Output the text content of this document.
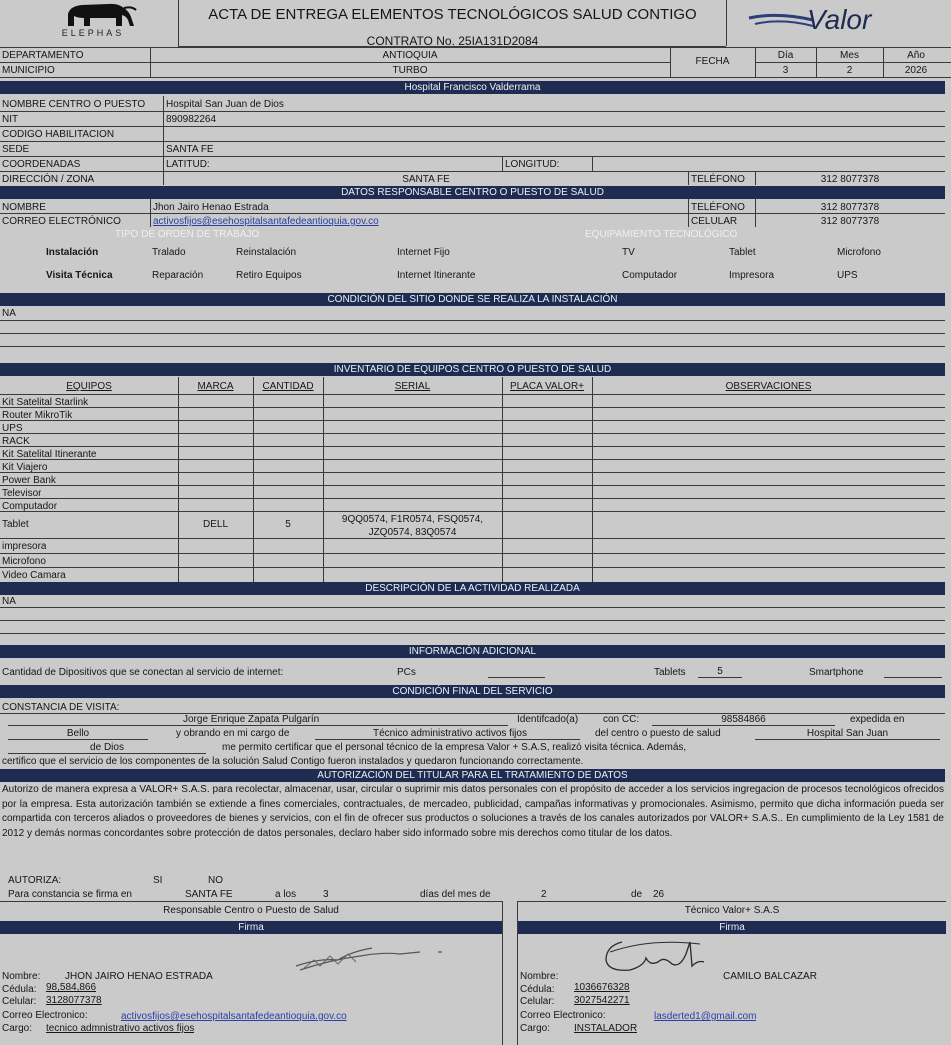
ELEPHAS
ACTA DE ENTREGA ELEMENTOS TECNOLÓGICOS SALUD CONTIGO
CONTRATO No. 25IA131D2084
Valor
DEPARTAMENTO	ANTIOQUIA
MUNICIPIO	TURBO
FECHA
Día	Mes	Año
3	2	2026
Hospital Francisco Valderrama
NOMBRE CENTRO O PUESTO Hospital San Juan de Dios
NIT	890982264
CODIGO HABILITACION
SEDE	SANTA FE
COORDENADAS	LATITUD:	LONGITUD:
DIRECCIÓN / ZONA	SANTA FE	TELÉFONO	312 8077378
DATOS RESPONSABLE CENTRO O PUESTO DE SALUD
NOMBRE	Jhon Jairo Henao Estrada	TELÉFONO	312 8077378
CORREO ELECTRÓNICO	activosfijos@esehospitalsantafedeantioquia.gov.co	CELULAR	312 8077378
TIPO DE ORDEN DE TRABAJO	EQUIPAMIENTO TECNOLÓGICO
Instalación	Tralado	Reinstalación	Internet Fijo	TV	Tablet	Microfono
Visita Técnica	Reparación	Retiro Equipos	Internet Itinerante	Computador	Impresora	UPS
CONDICIÓN DEL SITIO DONDE SE REALIZA LA INSTALACIÓN
NA
INVENTARIO DE EQUIPOS CENTRO O PUESTO DE SALUD
EQUIPOS	MARCA	CANTIDAD	SERIAL	PLACA VALOR+	OBSERVACIONES
Kit Satelital Starlink
Router MikroTik
UPS
RACK
Kit Satelital Itinerante
Kit Viajero
Power Bank
Televisor
Computador
Tablet	DELL	5	9QQ0574, F1R0574, FSQ0574, JZQ0574, 83Q0574
impresora
Microfono
Video Camara
DESCRIPCIÓN DE LA ACTIVIDAD REALIZADA
NA
INFORMACIÓN ADICIONAL
Cantidad de Dipositivos que se conectan al servicio de internet:	PCs	Tablets	5	Smartphone
CONDICIÓN FINAL DEL SERVICIO
CONSTANCIA DE VISITA:
Jorge Enrique Zapata Pulgarín	Identifcado(a) con CC:	98584866	expedida en
Bello	y obrando en mi cargo de	Técnico administrativo activos fijos	del centro o puesto de salud	Hospital San Juan
de Dios	me permito certificar que el personal técnico de la empresa Valor + S.A.S, realizó visita técnica. Además,
certifico que el servicio de los componentes de la solución Salud Contigo fueron instalados y quedaron funcionando correctamente.
AUTORIZACIÓN DEL TITULAR PARA EL TRATAMIENTO DE DATOS
Autorizo de manera expresa a VALOR+ S.A.S. para recolectar, almacenar, usar, circular o suprimir mis datos personales con el propósito de acceder a los servicios ingregacion de procesos tecnológicos ofrecidos por la empresa. Esta autorización también se extiende a fines comerciales, contractuales, de mercadeo, publicidad, campañas informativas y promocionales. Asimismo, permito que dicha información pueda ser compartida con terceros aliados o proveedores de bienes y servicios, con el fin de ofrecer sus productos o soluciones a través de los canales autorizados por VALOR+ S.A.S.. En cumplimiento de la Ley 1581 de 2012 y demás normas concordantes sobre protección de datos personales, declaro haber sido informado sobre mis derechos como titular de los datos.
AUTORIZA:	SI	NO
Para constancia se firma en	SANTA FE	a los	3	días del mes de	2	de 26
Responsable Centro o Puesto de Salud
Firma
Nombre: JHON JAIRO HENAO ESTRADA
Cédula: 98,584,866
Celular: 3128077378
Correo Electronico:	activosfijos@esehospitalsantafedeantioquia.gov.co
Cargo: tecnico admnistrativo activos fijos
Técnico Valor+ S.A.S
Firma
Nombre:	CAMILO BALCAZAR
Cédula: 1036676328
Celular: 3027542271
Correo Electronico:	lasderted1@gmail.com
Cargo: INSTALADOR
